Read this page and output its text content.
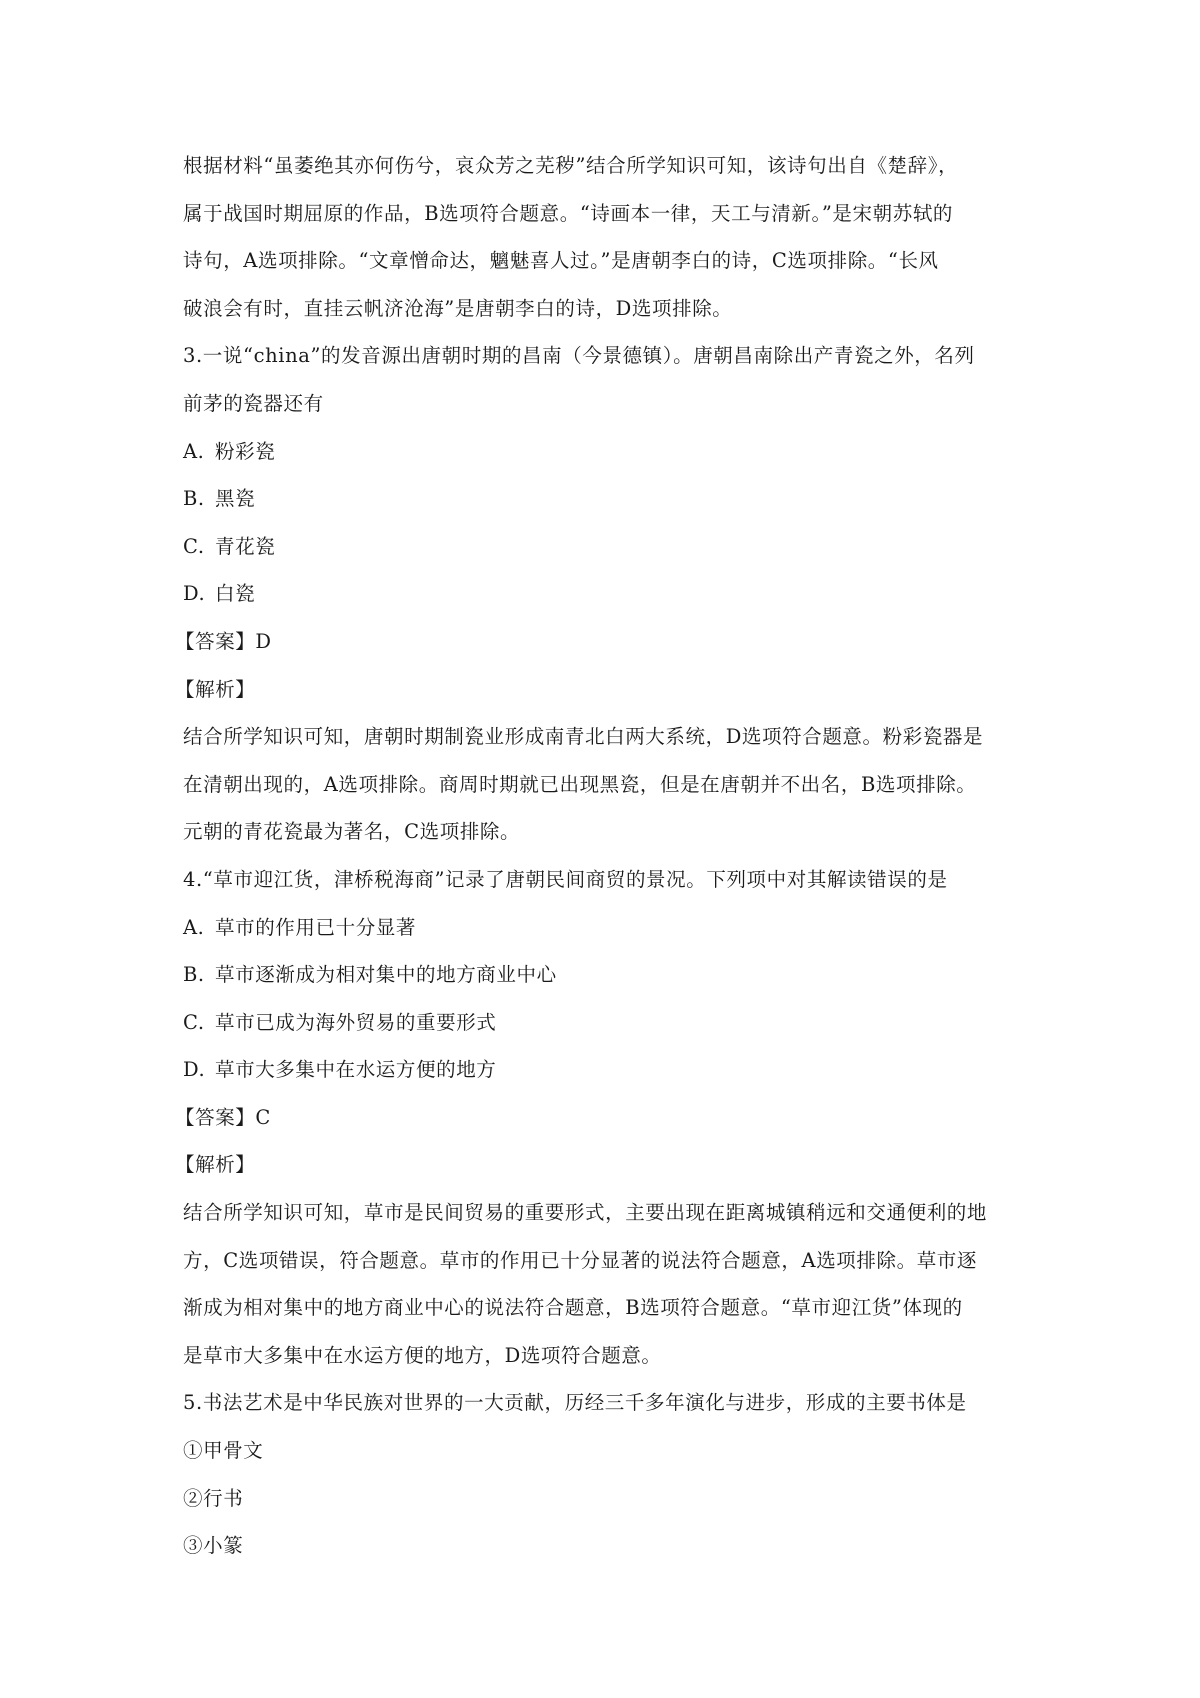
根据材料“虽萎绝其亦何伤兮，哀众芳之芜秽”结合所学知识可知，该诗句出自《楚辞》，
属于战国时期屈原的作品，B选项符合题意。“诗画本一律，天工与清新。”是宋朝苏轼的
诗句，A选项排除。“文章憎命达，魑魅喜人过。”是唐朝李白的诗，C选项排除。“长风
破浪会有时，直挂云帆济沧海”是唐朝李白的诗，D选项排除。
3.一说“china”的发音源出唐朝时期的昌南（今景德镇）。唐朝昌南除出产青瓷之外，名列
前茅的瓷器还有
A. 粉彩瓷
B. 黑瓷
C. 青花瓷
D. 白瓷
【答案】D
【解析】
结合所学知识可知，唐朝时期制瓷业形成南青北白两大系统，D选项符合题意。粉彩瓷器是
在清朝出现的，A选项排除。商周时期就已出现黑瓷，但是在唐朝并不出名，B选项排除。
元朝的青花瓷最为著名，C选项排除。
4.“草市迎江货，津桥税海商”记录了唐朝民间商贸的景况。下列项中对其解读错误的是
A. 草市的作用已十分显著
B. 草市逐渐成为相对集中的地方商业中心
C. 草市已成为海外贸易的重要形式
D. 草市大多集中在水运方便的地方
【答案】C
【解析】
结合所学知识可知，草市是民间贸易的重要形式，主要出现在距离城镇稍远和交通便利的地
方，C选项错误，符合题意。草市的作用已十分显著的说法符合题意，A选项排除。草市逐
渐成为相对集中的地方商业中心的说法符合题意，B选项符合题意。“草市迎江货”体现的
是草市大多集中在水运方便的地方，D选项符合题意。
5.书法艺术是中华民族对世界的一大贡献，历经三千多年演化与进步，形成的主要书体是
①甲骨文
②行书
③小篆
